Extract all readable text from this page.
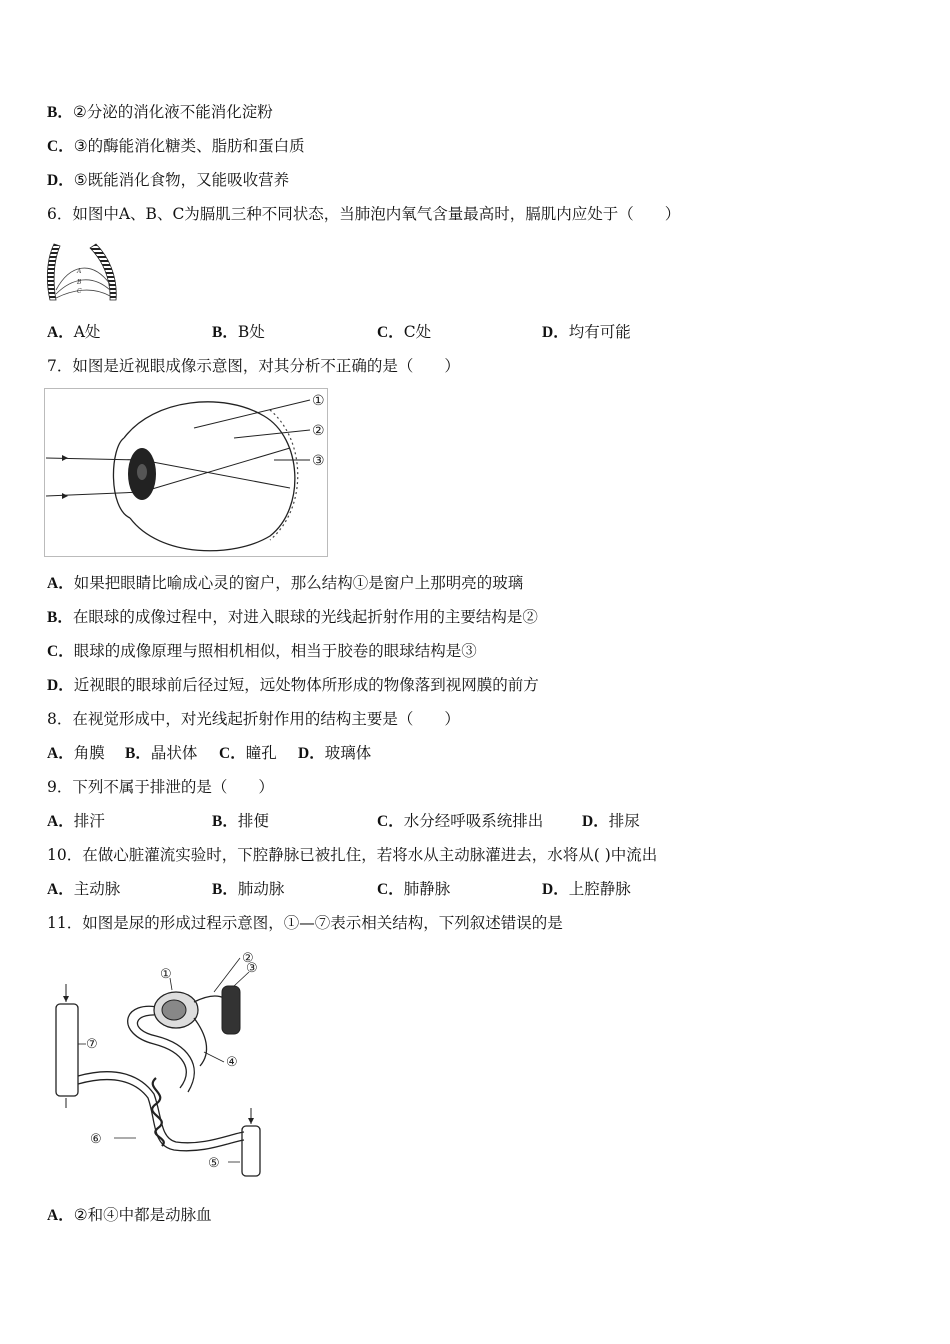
B．②分泌的消化液不能消化淀粉
C．③的酶能消化糖类、脂肪和蛋白质
D．⑤既能消化食物，又能吸收营养
6．如图中A、B、C为膈肌三种不同状态，当肺泡内氧气含量最高时，膈肌内应处于（　　）
A
B
C
A．A处	B．B处	C．C处	D．均有可能
7．如图是近视眼成像示意图，对其分析不正确的是（　　）
①
②
③
A．如果把眼睛比喻成心灵的窗户，那么结构①是窗户上那明亮的玻璃
B．在眼球的成像过程中，对进入眼球的光线起折射作用的主要结构是②
C．眼球的成像原理与照相机相似，相当于胶卷的眼球结构是③
D．近视眼的眼球前后径过短，远处物体所形成的物像落到视网膜的前方
8．在视觉形成中，对光线起折射作用的结构主要是（　　）
A．角膜 B．晶状体 C．瞳孔 D．玻璃体
9．下列不属于排泄的是（　　）
A．排汗	B．排便	C．水分经呼吸系统排出	D．排尿
10．在做心脏灌流实验时，下腔静脉已被扎住，若将水从主动脉灌进去，水将从( )中流出
A．主动脉	B．肺动脉	C．肺静脉	D．上腔静脉
11．如图是尿的形成过程示意图，①—⑦表示相关结构，下列叙述错误的是
⑦
③
②
①
④
⑤
⑥
A．②和④中都是动脉血
